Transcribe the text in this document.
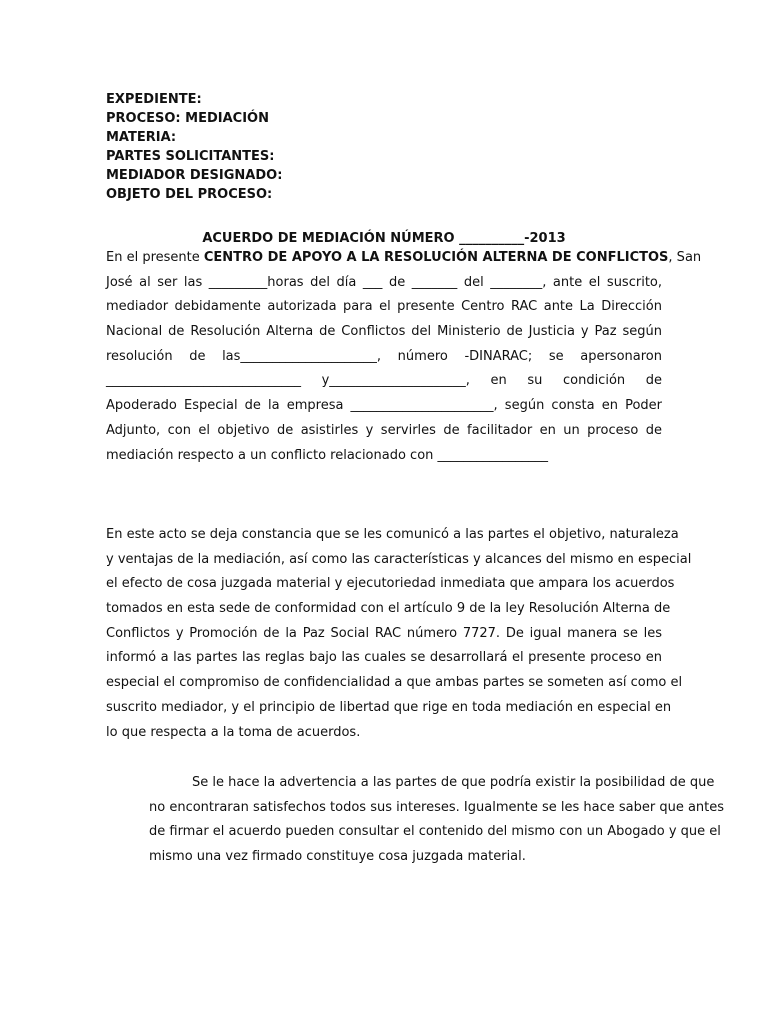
EXPEDIENTE:
PROCESO: MEDIACIÓN
MATERIA:
PARTES SOLICITANTES:
MEDIADOR DESIGNADO:
OBJETO DEL PROCESO:
ACUERDO DE MEDIACIÓN NÚMERO __________-2013
En el presente CENTRO DE APOYO A LA RESOLUCIÓN ALTERNA DE CONFLICTOS, San
José al ser las _________horas del día ___ de _______ del ________, ante el suscrito,
mediador debidamente autorizada para el presente Centro RAC ante La Dirección
Nacional de Resolución Alterna de Conflictos del Ministerio de Justicia y Paz según
resolución de las_____________________, número -DINARAC; se apersonaron
______________________________ y_____________________, en su condición de
Apoderado Especial de la empresa ______________________, según consta en Poder
Adjunto, con el objetivo de asistirles y servirles de facilitador en un proceso de
mediación respecto a un conflicto relacionado con _________________
En este acto se deja constancia que se les comunicó a las partes el objetivo, naturaleza
y ventajas de la mediación, así como las características y alcances del mismo en especial
el efecto de cosa juzgada material y ejecutoriedad inmediata que ampara los acuerdos
tomados en esta sede de conformidad con el artículo 9 de la ley Resolución Alterna de
Conflictos y Promoción de la Paz Social RAC número 7727. De igual manera se les
informó a las partes las reglas bajo las cuales se desarrollará el presente proceso en
especial el compromiso de confidencialidad a que ambas partes se someten así como el
suscrito mediador, y el principio de libertad que rige en toda mediación en especial en
lo que respecta a la toma de acuerdos.
Se le hace la advertencia a las partes de que podría existir la posibilidad de que
no encontraran satisfechos todos sus intereses. Igualmente se les hace saber que antes
de firmar el acuerdo pueden consultar el contenido del mismo con un Abogado y que el
mismo una vez firmado constituye cosa juzgada material.
